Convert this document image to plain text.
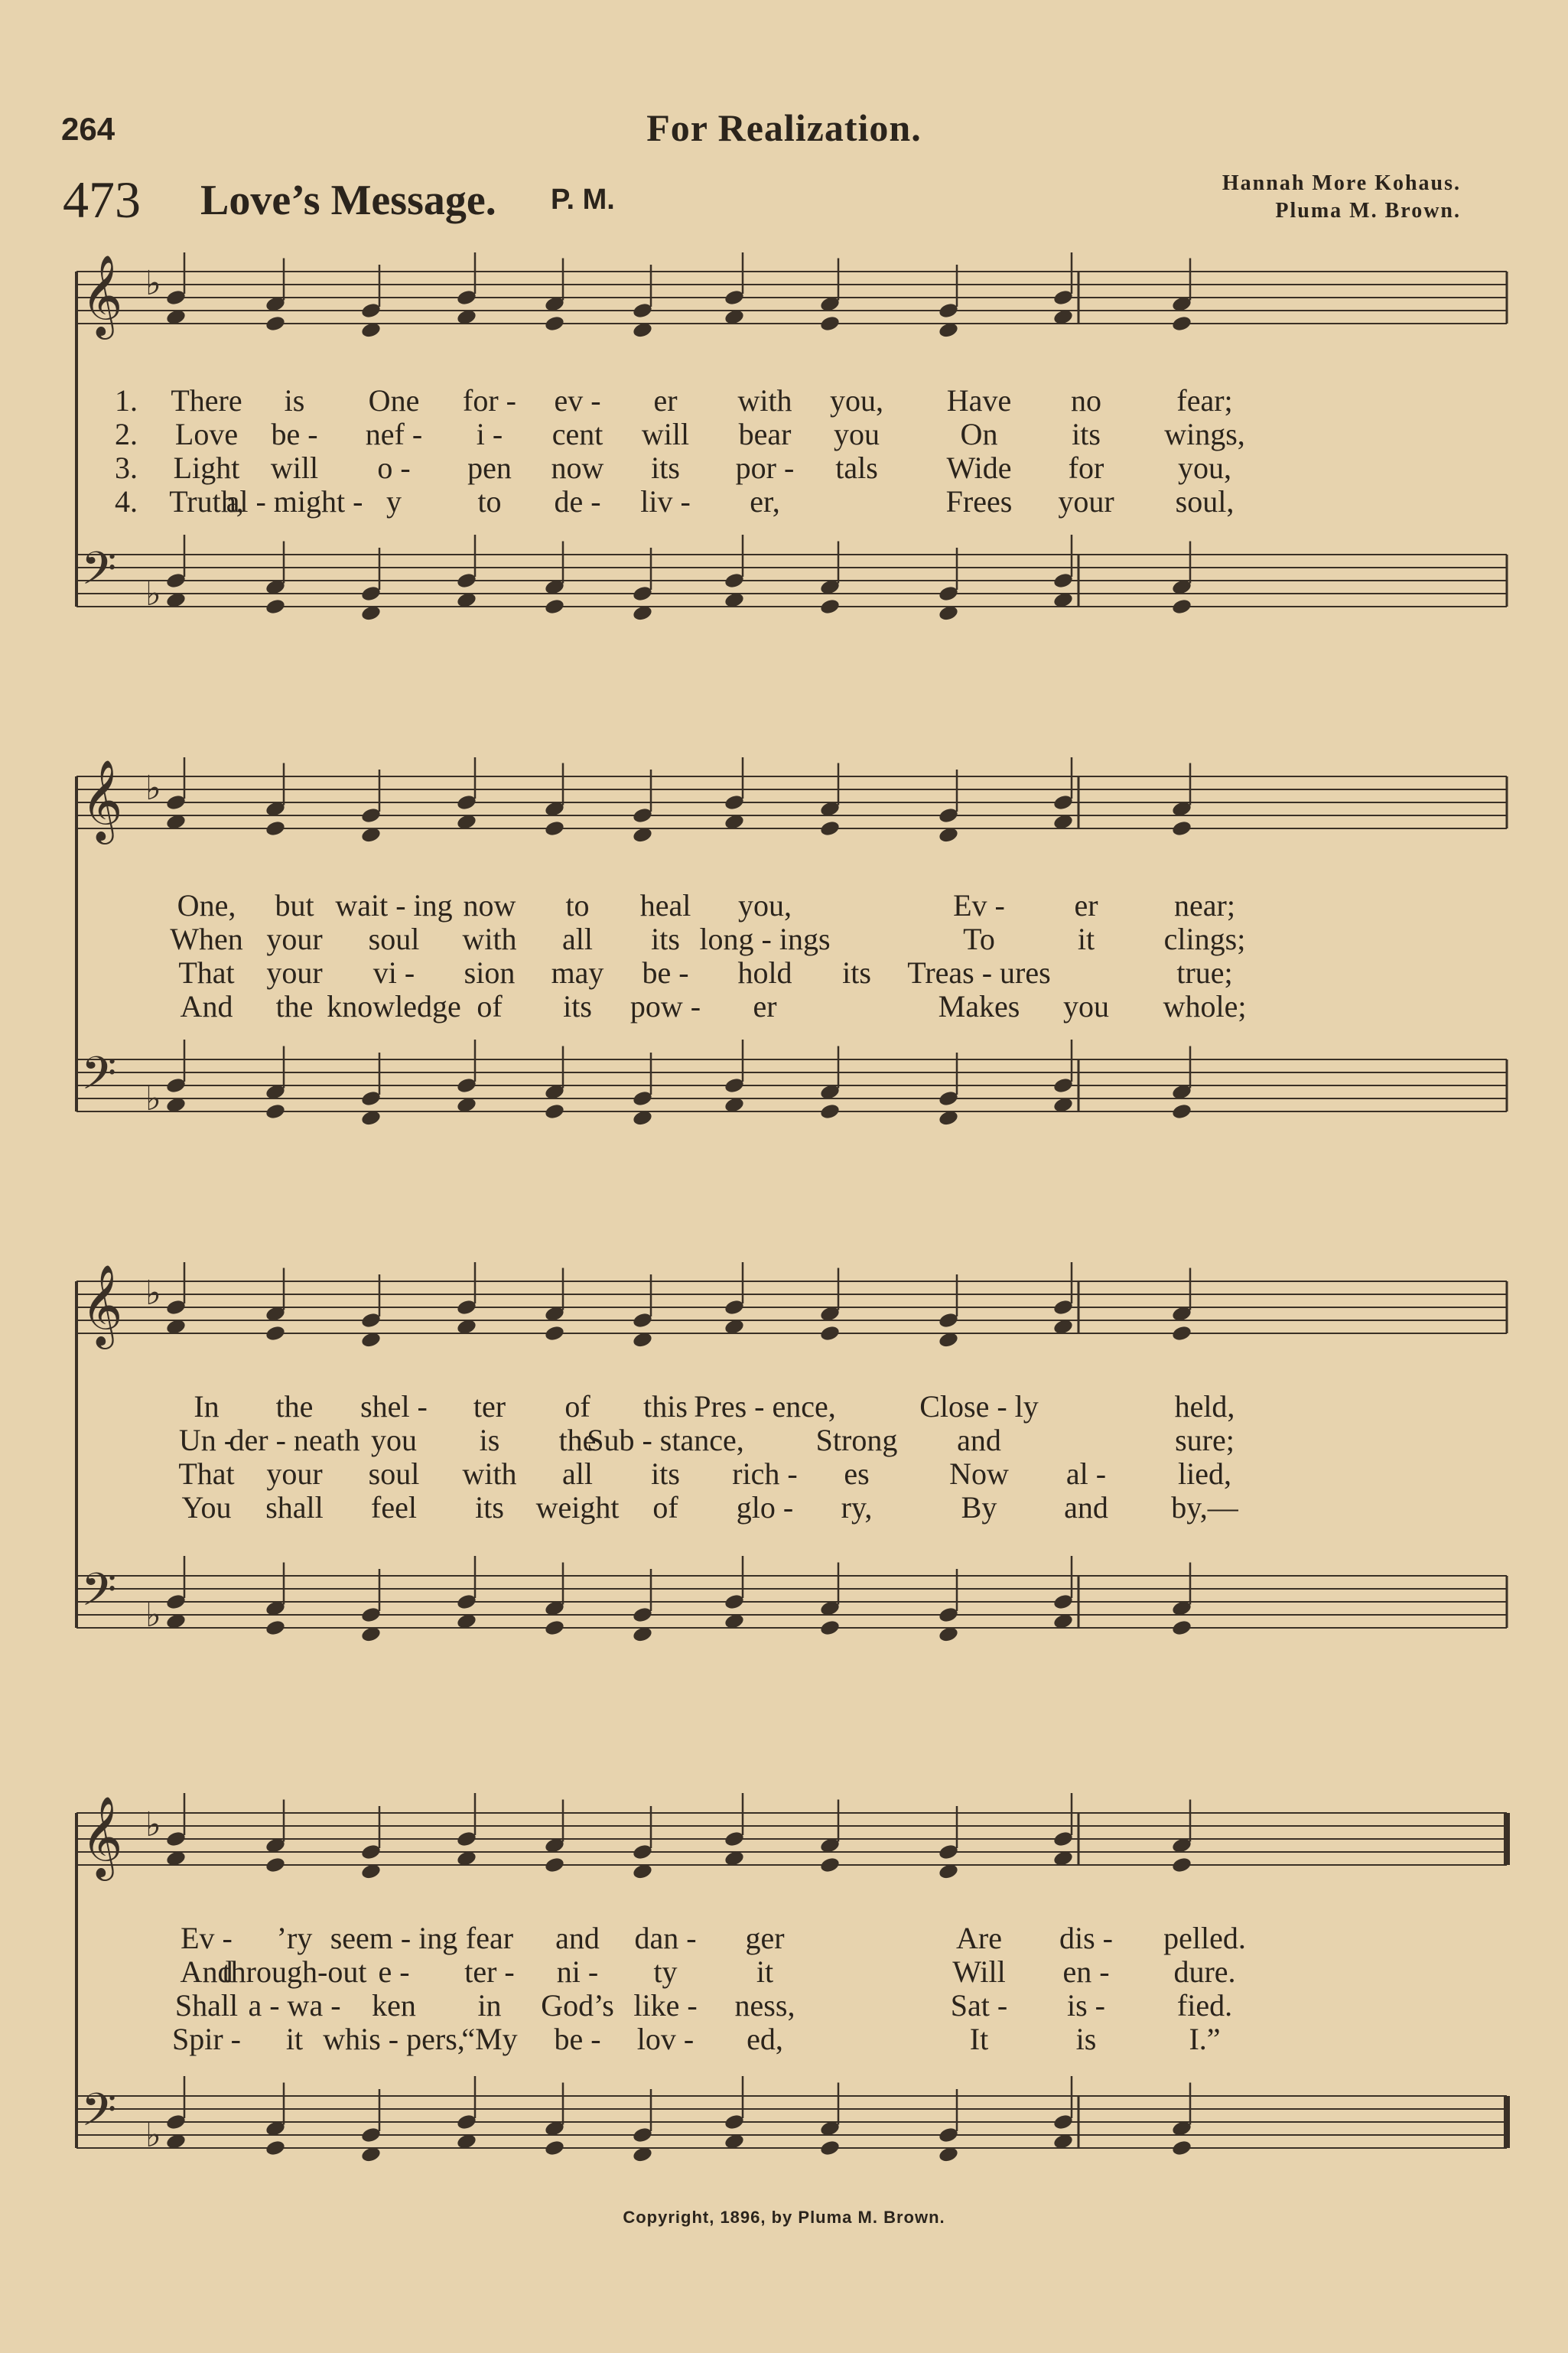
264	For Realization.
473 Love’s Message. P. M.
Hannah More Kohaus.
Pluma M. Brown.
𝄞 ♭
𝄢 ♭
1. There is One for - ev - er with you, Have no fear;
2. Love be - nef - i - cent will bear you	On its wings,
3. Light will o - pen now its por - tals Wide for you,
4. Truth,
al - might - y to de - liv - er,	Frees your soul,
𝄞 ♭
𝄢 ♭
One, but wait - ing now to heal you,	Ev - er near;
When your soul with all its long - ings	To	it clings;
That your vi - sion may be - hold its Treas - ures	true;
And the knowledge of its pow - er	Makes you whole;
𝄞 ♭
𝄢 ♭
In the shel - ter of this Pres - ence,	Close - ly	held,
Un -
der - neath you is the
Sub - stance, Strong and	sure;
That your soul with all its rich - es	Now al - lied,
You shall feel its weight of glo - ry,	By and by,—
𝄞 ♭
𝄢 ♭
Ev - ’ry seem - ing fear and dan - ger	Are dis - pelled.
And
through-out e - ter - ni - ty	it	Will en - dure.
Shall a - wa - ken in God’s like - ness,	Sat - is - fied.
Spir - it whis - pers,
“My be - lov - ed,	It	is	I.”
Copyright, 1896, by Pluma M. Brown.
